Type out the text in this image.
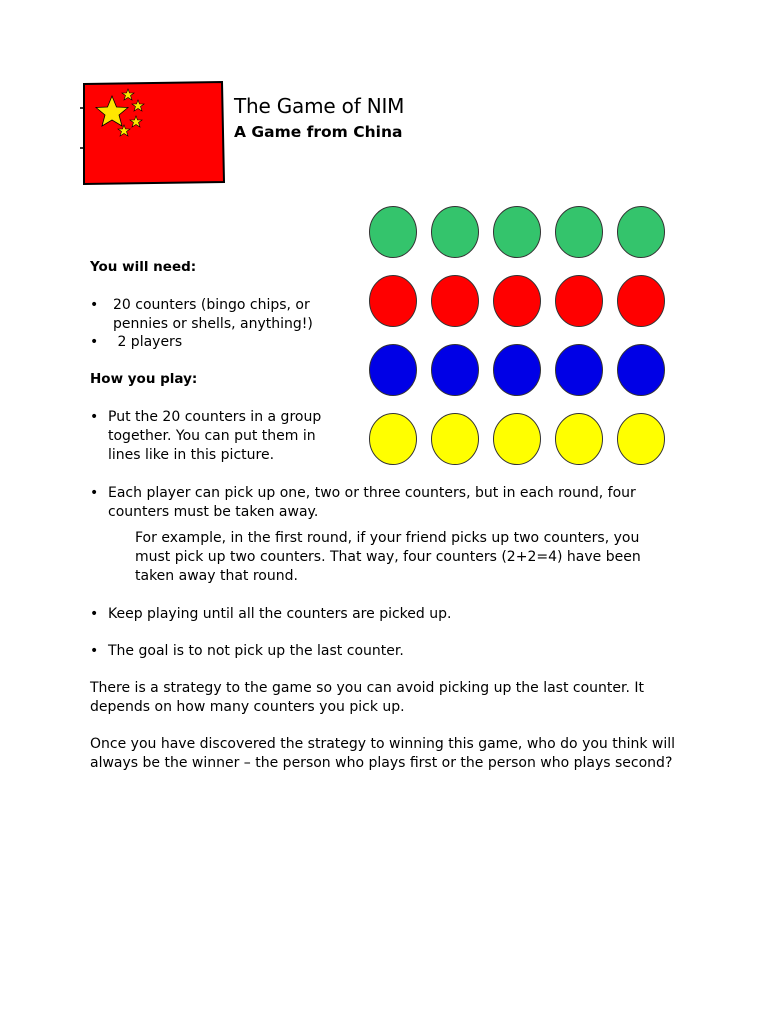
The Game of NIM
A Game from China
You will need:
• 20 counters (bingo chips, or pennies or shells, anything!)

• 2 players

How you play:
• Put the 20 counters in a group together. You can put them in lines like in this picture.

• Each player can pick up one, two or three counters, but in each round, four counters must be taken away.

For example, in the first round, if your friend picks up two counters, you must pick up two counters. That way, four counters (2+2=4) have been taken away that round.

• Keep playing until all the counters are picked up.

• The goal is to not pick up the last counter.

There is a strategy to the game so you can avoid picking up the last counter. It depends on how many counters you pick up.

Once you have discovered the strategy to winning this game, who do you think will always be the winner – the person who plays first or the person who plays second?
